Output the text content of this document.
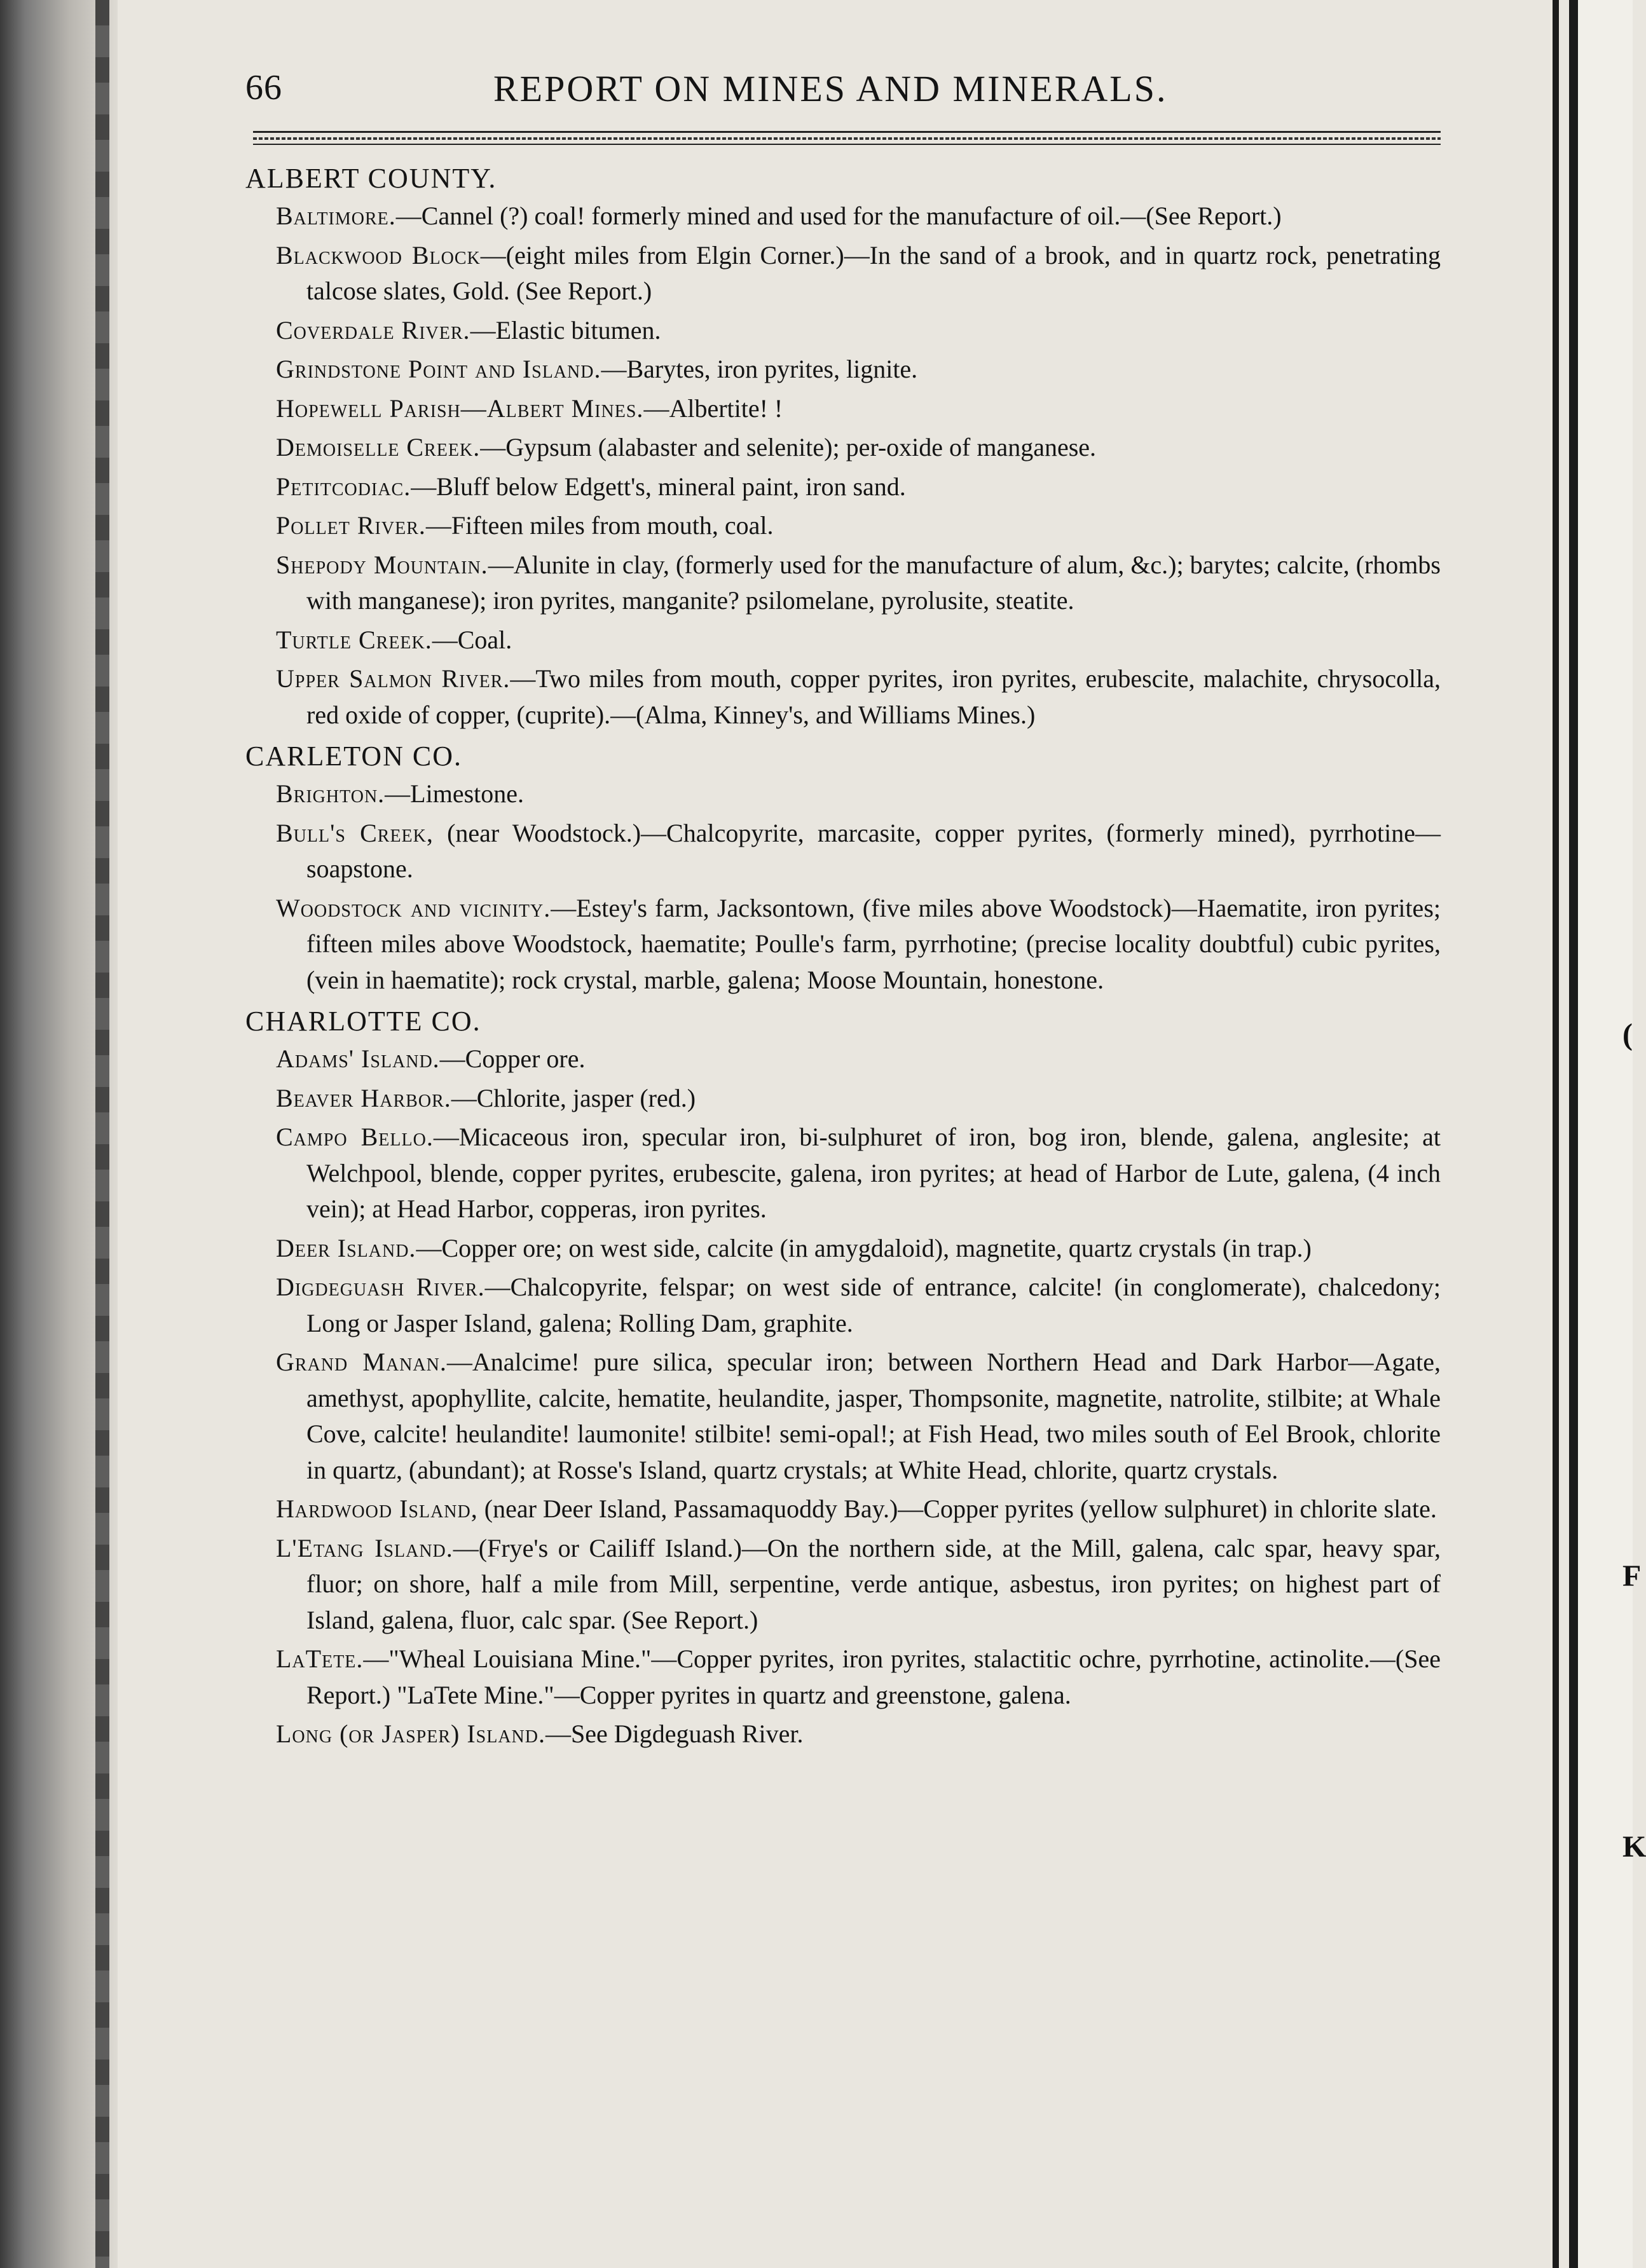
(
F
K
66	REPORT ON MINES AND MINERALS.
ALBERT COUNTY.

Baltimore.—Cannel (?) coal! formerly mined and used for the manufacture of oil.—(See Report.)

Blackwood Block—(eight miles from Elgin Corner.)—In the sand of a brook, and in quartz rock, penetrating talcose slates, Gold. (See Report.)

Coverdale River.—Elastic bitumen.

Grindstone Point and Island.—Barytes, iron pyrites, lignite.

Hopewell Parish—Albert Mines.—Albertite! !

Demoiselle Creek.—Gypsum (alabaster and selenite); per-oxide of manganese.

Petitcodiac.—Bluff below Edgett's, mineral paint, iron sand.

Pollet River.—Fifteen miles from mouth, coal.

Shepody Mountain.—Alunite in clay, (formerly used for the manufacture of alum, &c.); barytes; calcite, (rhombs with manganese); iron pyrites, manganite? psilomelane, pyrolusite, steatite.

Turtle Creek.—Coal.

Upper Salmon River.—Two miles from mouth, copper pyrites, iron pyrites, erubescite, malachite, chrysocolla, red oxide of copper, (cuprite).—(Alma, Kinney's, and Williams Mines.)

CARLETON CO.

Brighton.—Limestone.

Bull's Creek, (near Woodstock.)—Chalcopyrite, marcasite, copper pyrites, (formerly mined), pyrrhotine—soapstone.

Woodstock and vicinity.—Estey's farm, Jacksontown, (five miles above Woodstock)—Haematite, iron pyrites; fifteen miles above Woodstock, haematite; Poulle's farm, pyrrhotine; (precise locality doubtful) cubic pyrites, (vein in haematite); rock crystal, marble, galena; Moose Mountain, honestone.

CHARLOTTE CO.

Adams' Island.—Copper ore.

Beaver Harbor.—Chlorite, jasper (red.)

Campo Bello.—Micaceous iron, specular iron, bi-sulphuret of iron, bog iron, blende, galena, anglesite; at Welchpool, blende, copper pyrites, erubescite, galena, iron pyrites; at head of Harbor de Lute, galena, (4 inch vein); at Head Harbor, copperas, iron pyrites.

Deer Island.—Copper ore; on west side, calcite (in amygdaloid), magnetite, quartz crystals (in trap.)

Digdeguash River.—Chalcopyrite, felspar; on west side of entrance, calcite! (in conglomerate), chalcedony; Long or Jasper Island, galena; Rolling Dam, graphite.

Grand Manan.—Analcime! pure silica, specular iron; between Northern Head and Dark Harbor—Agate, amethyst, apophyllite, calcite, hematite, heulandite, jasper, Thompsonite, magnetite, natrolite, stilbite; at Whale Cove, calcite! heulandite! laumonite! stilbite! semi-opal!; at Fish Head, two miles south of Eel Brook, chlorite in quartz, (abundant); at Rosse's Island, quartz crystals; at White Head, chlorite, quartz crystals.

Hardwood Island, (near Deer Island, Passamaquoddy Bay.)—Copper pyrites (yellow sulphuret) in chlorite slate.

L'Etang Island.—(Frye's or Cailiff Island.)—On the northern side, at the Mill, galena, calc spar, heavy spar, fluor; on shore, half a mile from Mill, serpentine, verde antique, asbestus, iron pyrites; on highest part of Island, galena, fluor, calc spar. (See Report.)

LaTete.—"Wheal Louisiana Mine."—Copper pyrites, iron pyrites, stalactitic ochre, pyrrhotine, actinolite.—(See Report.) "LaTete Mine."—Copper pyrites in quartz and greenstone, galena.

Long (or Jasper) Island.—See Digdeguash River.
